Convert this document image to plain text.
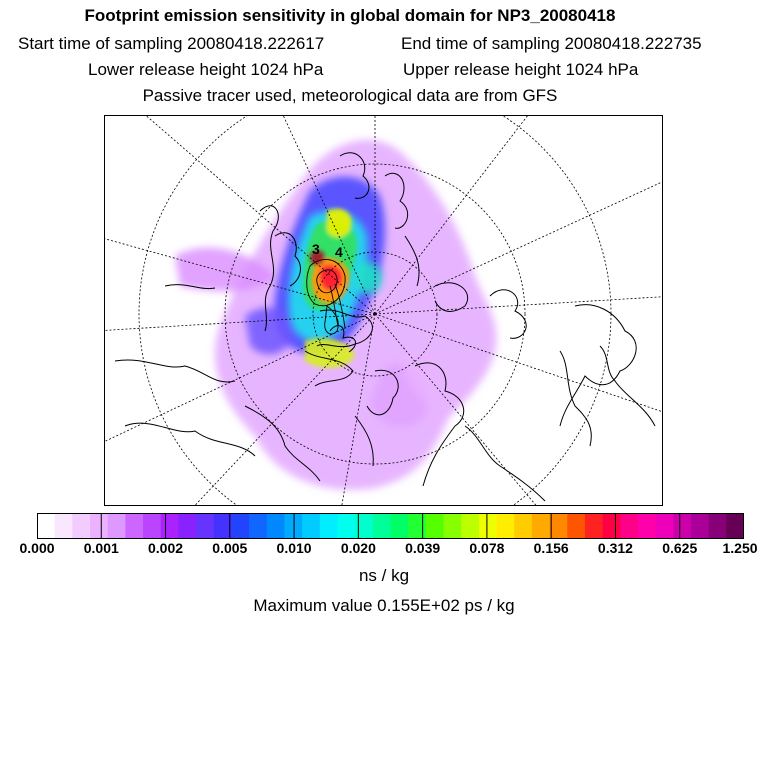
Footprint emission sensitivity in global domain for NP3_20080418
Start time of sampling 20080418.222617	End time of sampling 20080418.222735
Lower release height 1024 hPa	Upper release height 1024 hPa
Passive tracer used, meteorological data are from GFS
3 4
0.000 0.001 0.002 0.005 0.010 0.020 0.039 0.078 0.156 0.312 0.625 1.250
ns / kg
Maximum value 0.155E+02 ps / kg
